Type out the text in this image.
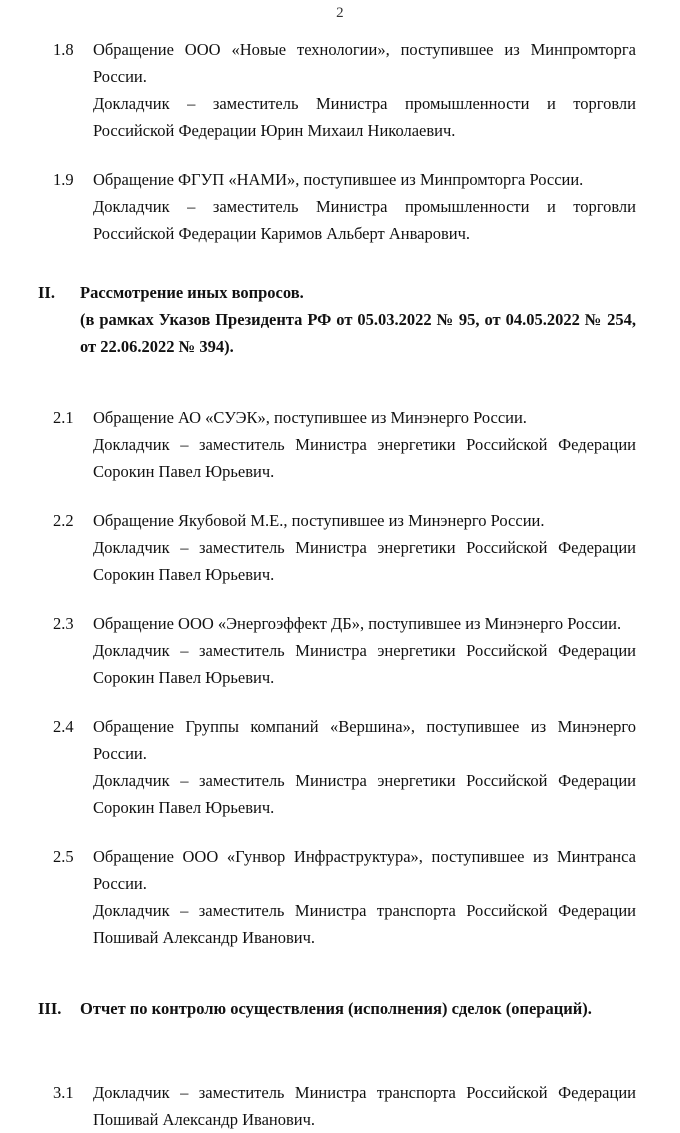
2
1.8	Обращение ООО «Новые технологии», поступившее из Минпромторга России.

Докладчик – заместитель Министра промышленности и торговли Российской Федерации Юрин Михаил Николаевич.

1.9	Обращение ФГУП «НАМИ», поступившее из Минпромторга России.

Докладчик – заместитель Министра промышленности и торговли Российской Федерации Каримов Альберт Анварович.

II. Рассмотрение иных вопросов.

(в рамках Указов Президента РФ от 05.03.2022 № 95, от 04.05.2022 № 254, от 22.06.2022 № 394).

2.1	Обращение АО «СУЭК», поступившее из Минэнерго России.

Докладчик – заместитель Министра энергетики Российской Федерации Сорокин Павел Юрьевич.

2.2	Обращение Якубовой М.Е., поступившее из Минэнерго России.

Докладчик – заместитель Министра энергетики Российской Федерации Сорокин Павел Юрьевич.

2.3	Обращение ООО «Энергоэффект ДБ», поступившее из Минэнерго России.

Докладчик – заместитель Министра энергетики Российской Федерации Сорокин Павел Юрьевич.

2.4	Обращение Группы компаний «Вершина», поступившее из Минэнерго России.

Докладчик – заместитель Министра энергетики Российской Федерации Сорокин Павел Юрьевич.

2.5	Обращение ООО «Гунвор Инфраструктура», поступившее из Минтранса России.

Докладчик – заместитель Министра транспорта Российской Федерации Пошивай Александр Иванович.

III. Отчет по контролю осуществления (исполнения) сделок (операций).

3.1	Докладчик – заместитель Министра транспорта Российской Федерации Пошивай Александр Иванович.
